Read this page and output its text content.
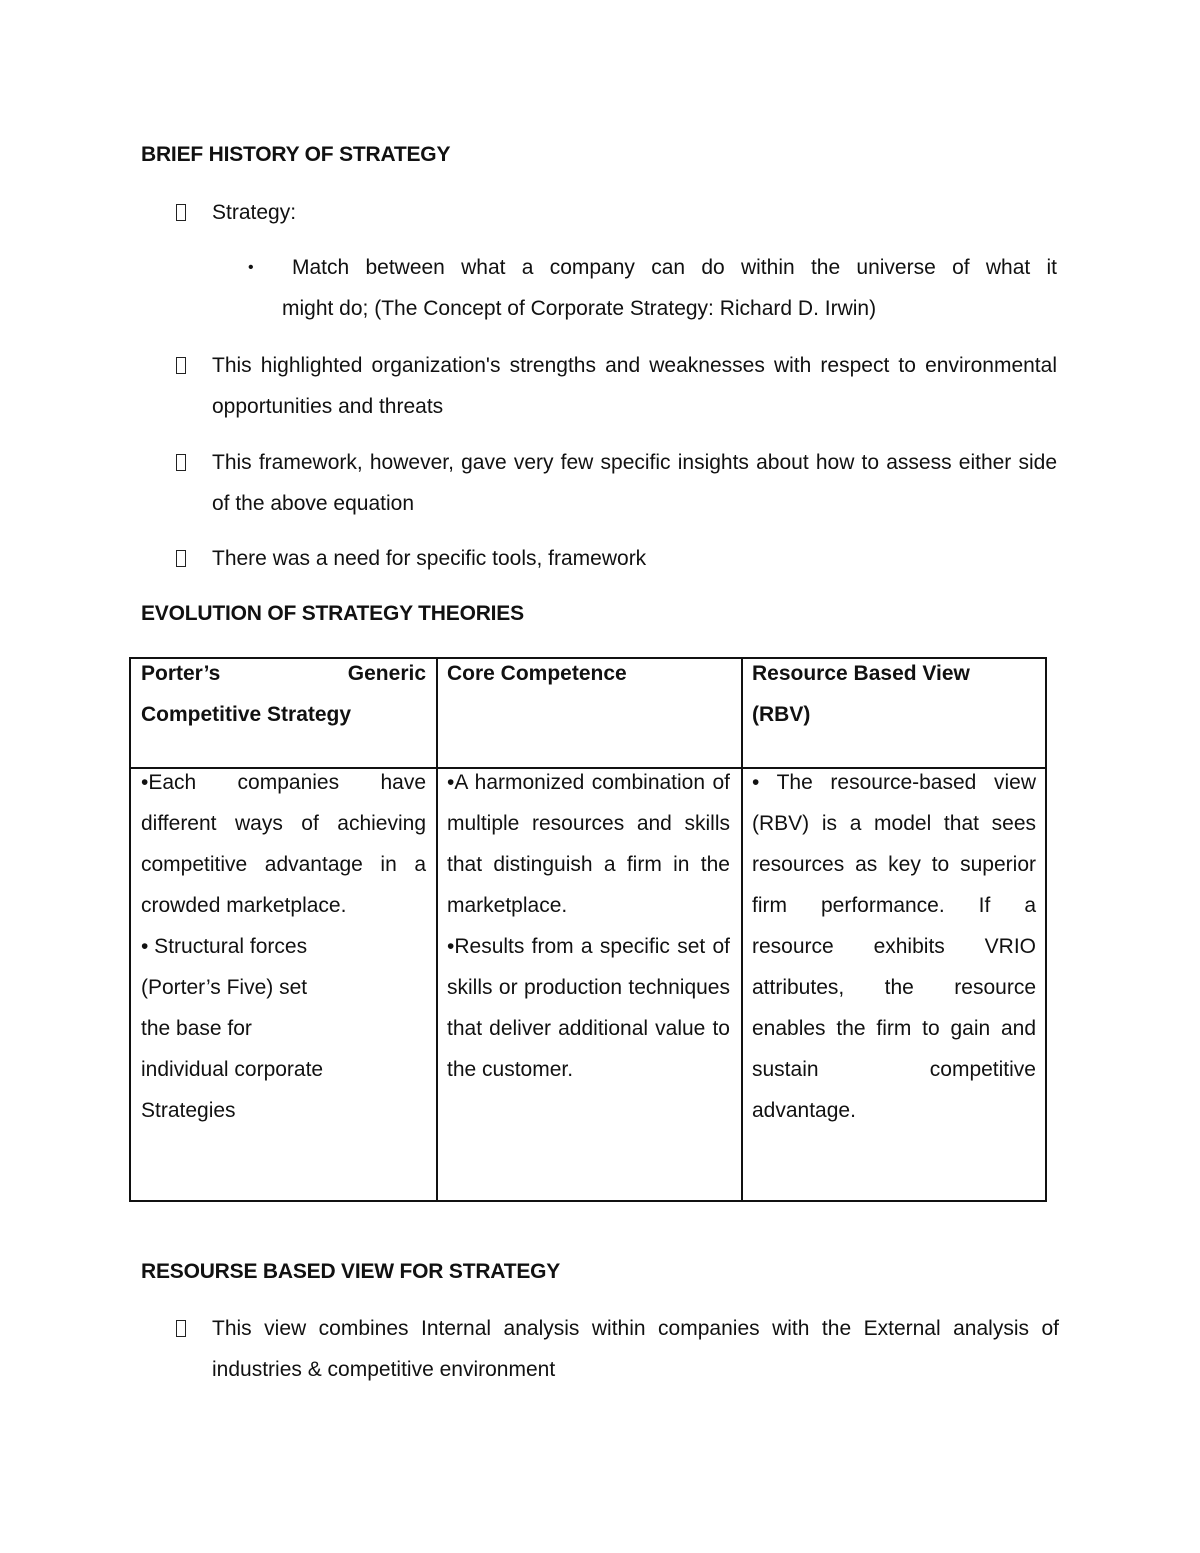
BRIEF HISTORY OF STRATEGY

Strategy:

• Match between what a company can do within the universe of what it

might do; (The Concept of Corporate Strategy: Richard D. Irwin)

This highlighted organization's strengths and weaknesses with respect to environmental opportunities and threats

This framework, however, gave very few specific insights about how to assess either side of the above equation

There was a need for specific tools, framework

EVOLUTION OF STRATEGY THEORIES
Porter’s Generic Competitive Strategy
Core Competence	Resource Based View (RBV)

•Each companies have different ways of achieving competitive advantage in a crowded marketplace.

• Structural forces

(Porter’s Five) set

the base for

individual corporate

Strategies

•A harmonized combination of multiple resources and skills that distinguish a firm in the marketplace.

•Results from a specific set of skills or production techniques that deliver additional value to the customer.

• The resource-based view (RBV) is a model that sees resources as key to superior firm performance. If a resource exhibits VRIO attributes, the resource enables the firm to gain and sustain competitive advantage.

RESOURSE BASED VIEW FOR STRATEGY

This view combines Internal analysis within companies with the External analysis of industries & competitive environment
